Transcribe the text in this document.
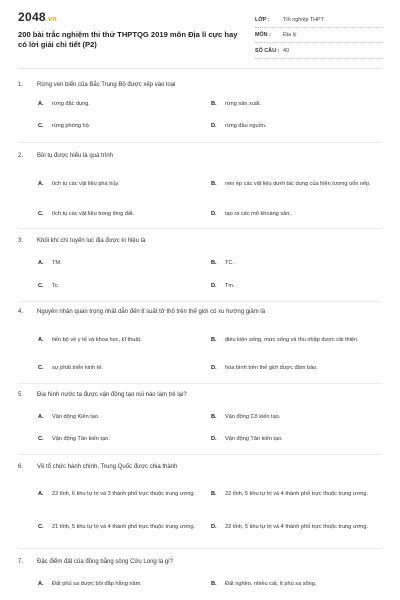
2048.vn
200 bài trắc nghiệm thi thử THPTQG 2019 môn Địa lí cực hay có lời giải chi tiết (P2)
LỚP :	Tốt nghiệp THPT
MÔN :	Địa lý
SỐ CÂU : 40
1.	Rừng ven biển của Bắc Trung Bộ được xếp vào loại
A.	rừng đặc dụng.	B.	rừng sản xuất.
C.	rừng phòng hộ.	D.	rừng đầu nguồn.
2.	Bồi tụ được hiểu là quá trình
A.	tích tụ các vật liệu phá hủy.	B.	nén ép các vật liệu dưới tác dụng của hiện tượng uốn nếp.
C.	tích tụ các vật liệu trong lòng đất.	D.	tạo ra các mỏ khoáng sản.
3.	Khối khí chí tuyến lục địa được kí hiệu là
A.	TM.	B.	TC.
C.	Tc.	D.	Tm.
4.	Nguyên nhân quan trọng nhất dẫn đến tỉ suất tử thô trên thế giới có xu hướng giảm là
A.	tiến bộ về y tế và khoa học, kĩ thuật.	B.	điều kiện sống, mức sống và thu nhập được cải thiện.
C.	sự phát triển kinh tế.	D.	hòa bình trên thế giới được đảm bảo.
5.	Địa hình nước ta được vận động tạo núi nào làm trẻ lại?
A.	Vận động Kiến tạo.	B.	Vận động Cổ kiến tạo.
C.	Vận động Tân kiến tạo.	D.	Vận động Tân kiến tạo.
6.	Về tổ chức hành chính, Trung Quốc được chia thành
A.	22 tỉnh, 6 khu tự trị và 3 thành phố trực thuộc trung ương.	B.	22 tỉnh, 5 khu tự trị và 4 thành phố trực thuộc trung ương.
C.	21 tỉnh, 5 khu tự trị và 4 thành phố trực thuộc trung ương.	D.	22 tỉnh, 5 khu tự trị và 4 thành phố trực thuộc trung ương.
7.	Đặc điểm đất của đồng bằng sông Cửu Long là gì?
A.	Đất phù sa được bồi đắp hằng năm.	B.	Đất nghèo, nhiều cát, ít phù sa sông.
